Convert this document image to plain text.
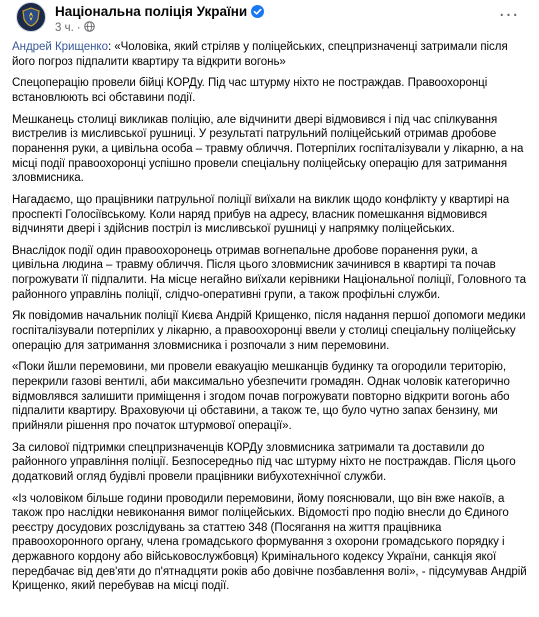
Національна поліція України
3 ч. ·
···

Андрей Крищенко: «Чоловіка, який стріляв у поліцейських, спецпризначенці затримали після його погроз підпалити квартиру та відкрити вогонь»

Спецоперацію провели бійці КОРДу. Під час штурму ніхто не постраждав. Правоохоронці встановлюють всі обставини події.

Мешканець столиці викликав поліцію, але відчинити двері відмовився і під час спілкування вистрелив із мисливської рушниці. У результаті патрульний поліцейський отримав дробове поранення руки, а цивільна особа – травму обличчя. Потерпілих госпіталізували у лікарню, а на місці події правоохоронці успішно провели спеціальну поліцейську операцію для затримання зловмисника.

Нагадаємо, що працівники патрульної поліції виїхали на виклик щодо конфлікту у квартирі на проспекті Голосіївському. Коли наряд прибув на адресу, власник помешкання відмовився відчиняти двері і здійснив постріл із мисливської рушниці у напрямку поліцейських.

Внаслідок події один правоохоронець отримав вогнепальне дробове поранення руки, а цивільна людина – травму обличчя. Після цього зловмисник зачинився в квартирі та почав погрожувати її підпалити. На місце негайно виїхали керівники Національної поліції, Головного та районного управлінь поліції, слідчо-оперативні групи, а також профільні служби.

Як повідомив начальник поліції Києва Андрій Крищенко, після надання першої допомоги медики госпіталізували потерпілих у лікарню, а правоохоронці ввели у столиці спеціальну поліцейську операцію для затримання зловмисника і розпочали з ним перемовини.

«Поки йшли перемовини, ми провели евакуацію мешканців будинку та огородили територію, перекрили газові вентилі, аби максимально убезпечити громадян. Однак чоловік категорично відмовлявся залишити приміщення і згодом почав погрожувати повторно відкрити вогонь або підпалити квартиру. Враховуючи ці обставини, а також те, що було чутно запах бензину, ми прийняли рішення про початок штурмової операції».

За силової підтримки спецпризначенців КОРДу зловмисника затримали та доставили до районного управління поліції. Безпосередньо під час штурму ніхто не постраждав. Після цього додатковий огляд будівлі провели працівники вибухотехнічної служби.

«Із чоловіком більше години проводили перемовини, йому пояснювали, що він вже накоїв, а також про наслідки невиконання вимог поліцейських. Відомості про подію внесли до Єдиного реєстру досудових розслідувань за статтею 348 (Посягання на життя працівника правоохоронного органу, члена громадського формування з охорони громадського порядку і державного кордону або військовослужбовця) Кримінального кодексу України, санкція якої передбачає від дев'яти до п'ятнадцяти років або довічне позбавлення волі», - підсумував Андрій Крищенко, який перебував на місці події.
